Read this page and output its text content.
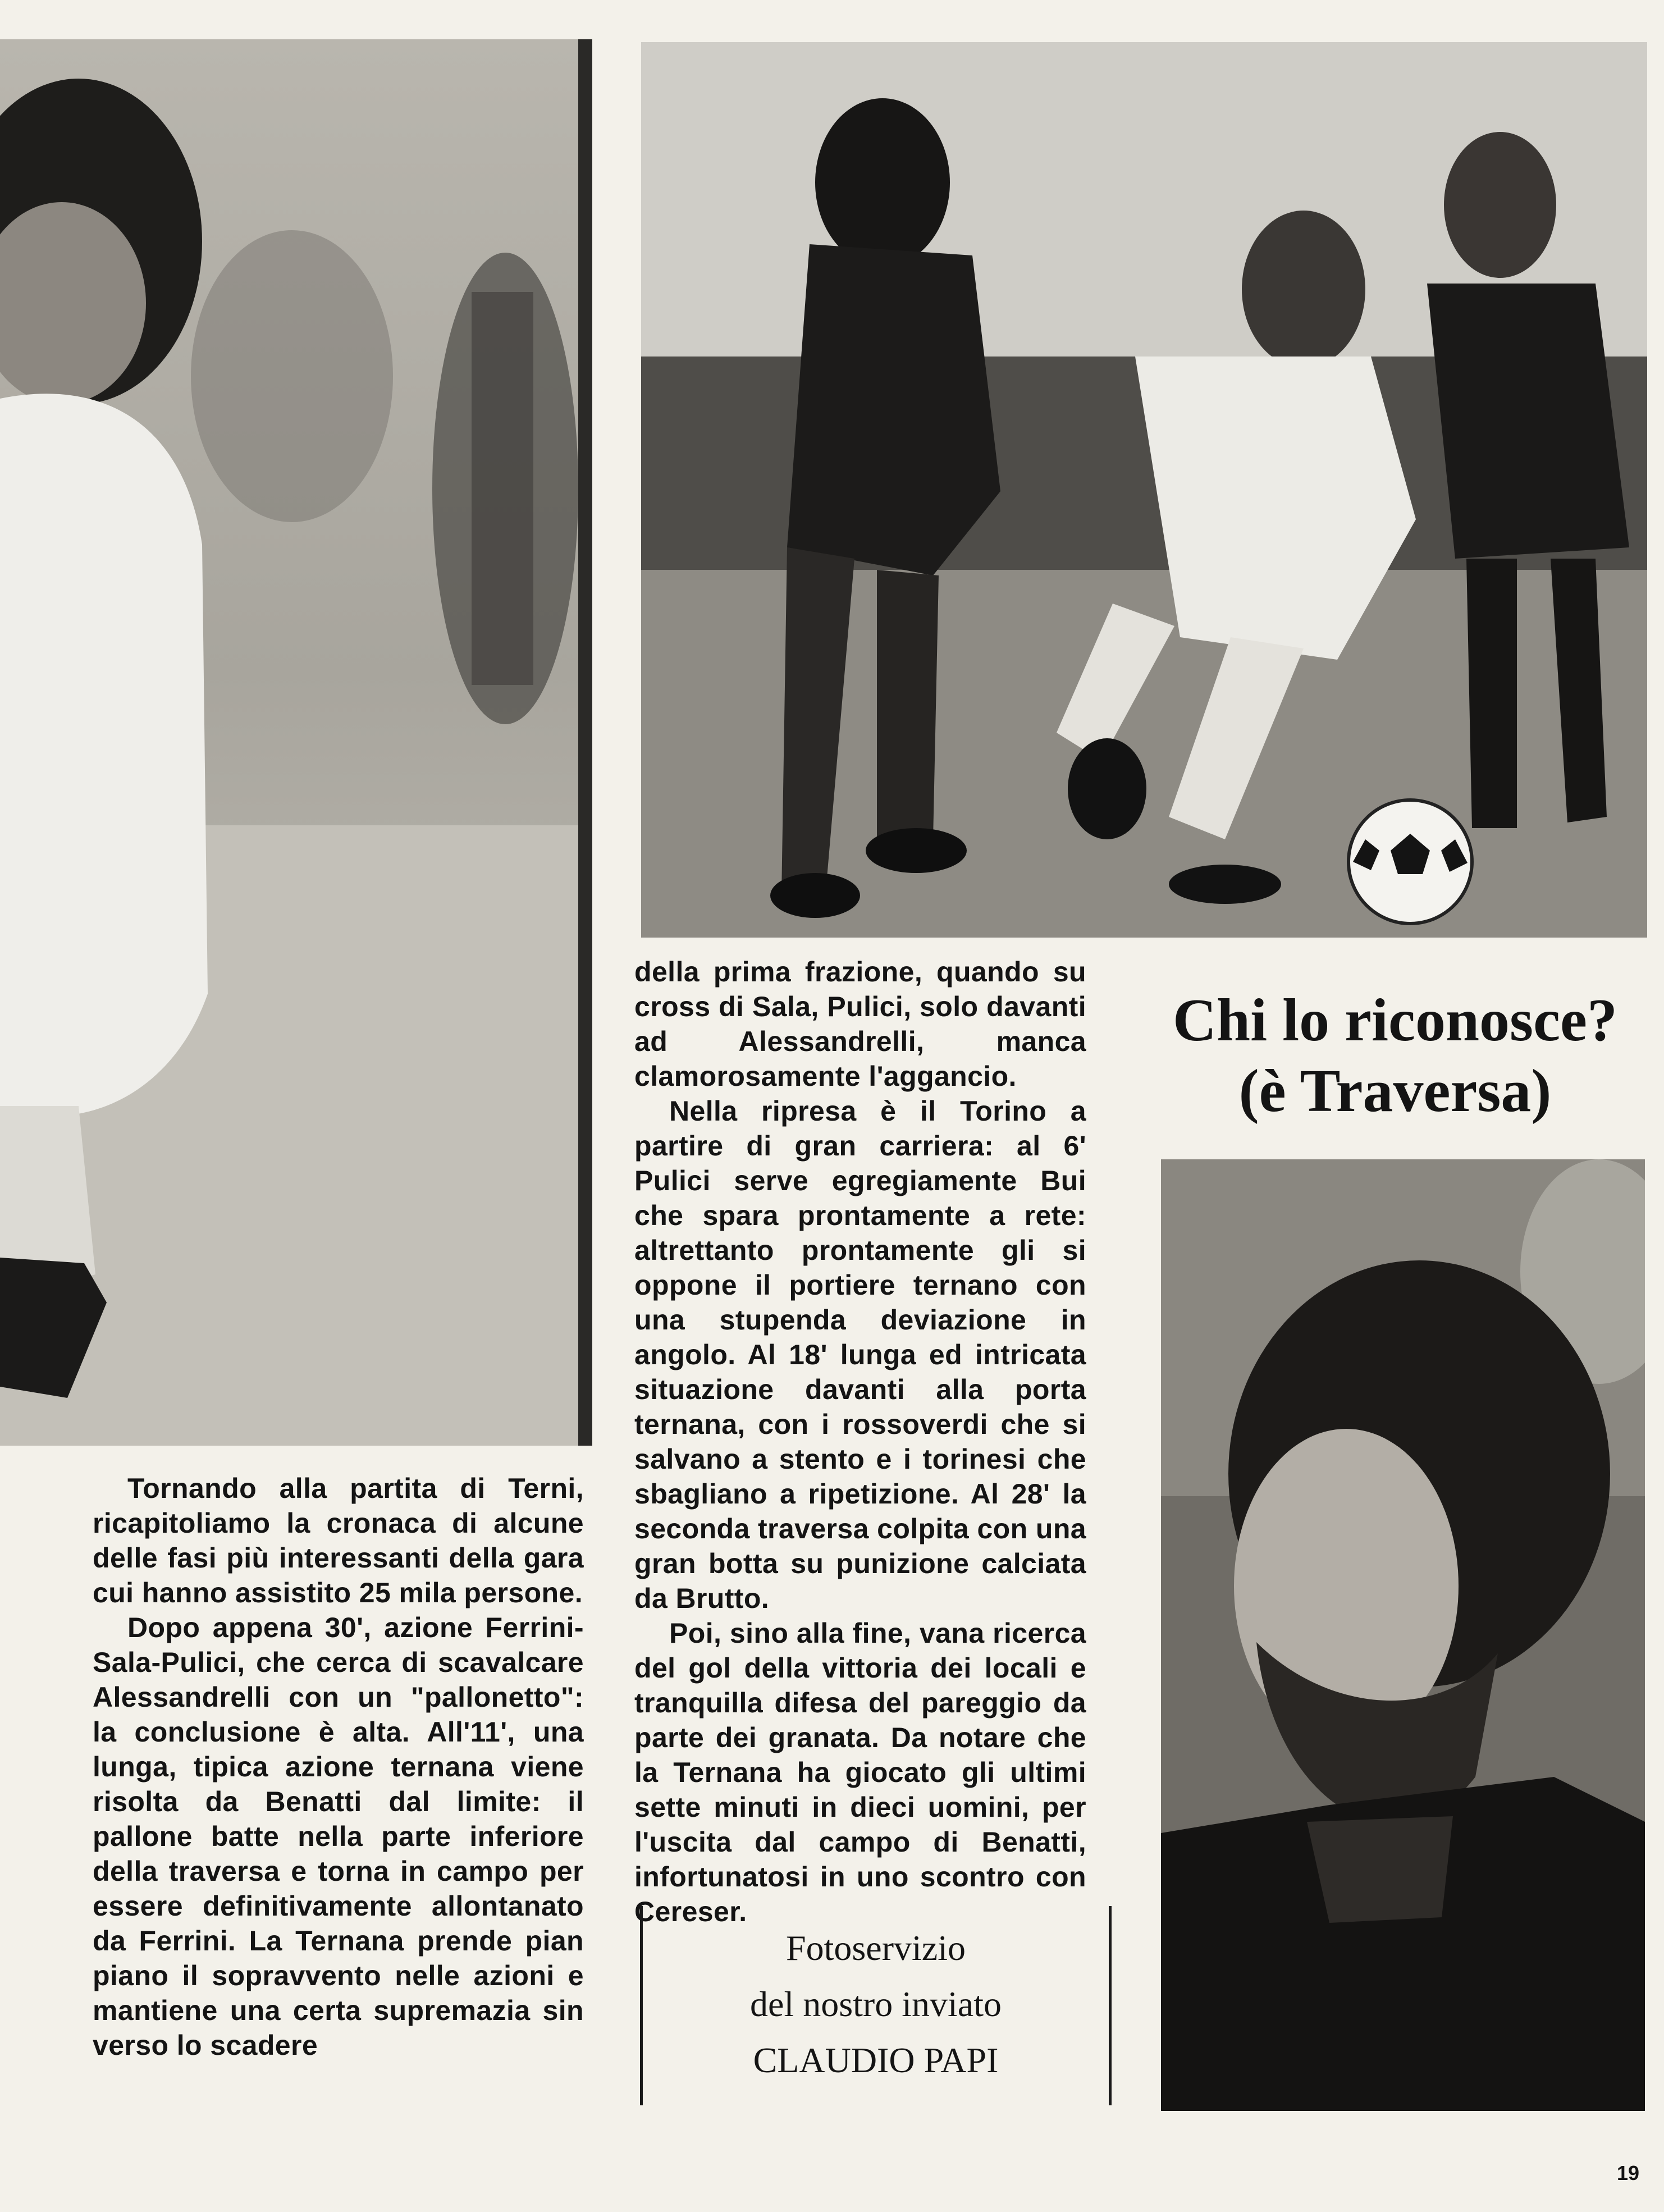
Tornando alla partita di Terni, ricapitoliamo la cronaca di alcune delle fasi più interessanti della gara cui hanno assistito 25 mila persone.

Dopo appena 30', azione Ferrini-Sala-Pulici, che cerca di scavalcare Alessandrelli con un "pallonetto": la conclusione è alta. All'11', una lunga, tipica azione ternana viene risolta da Benatti dal limite: il pallone batte nella parte inferiore della traversa e torna in campo per essere definitivamente allontanato da Ferrini. La Ternana prende pian piano il sopravvento nelle azioni e mantiene una certa supremazia sin verso lo scadere

della prima frazione, quando su cross di Sala, Pulici, solo davanti ad Alessandrelli, manca clamorosamente l'aggancio.

Nella ripresa è il Torino a partire di gran carriera: al 6' Pulici serve egregiamente Bui che spara prontamente a rete: altrettanto prontamente gli si oppone il portiere ternano con una stupenda deviazione in angolo. Al 18' lunga ed intricata situazione davanti alla porta ternana, con i rossoverdi che si salvano a stento e i torinesi che sbagliano a ripetizione. Al 28' la seconda traversa colpita con una gran botta su punizione calciata da Brutto.

Poi, sino alla fine, vana ricerca del gol della vittoria dei locali e tranquilla difesa del pareggio da parte dei granata. Da notare che la Ternana ha giocato gli ultimi sette minuti in dieci uomini, per l'uscita dal campo di Benatti, infortunatosi in uno scontro con Cereser.

Chi lo riconosce?
(è Traversa)
Fotoservizio
del nostro inviato
CLAUDIO PAPI
19
